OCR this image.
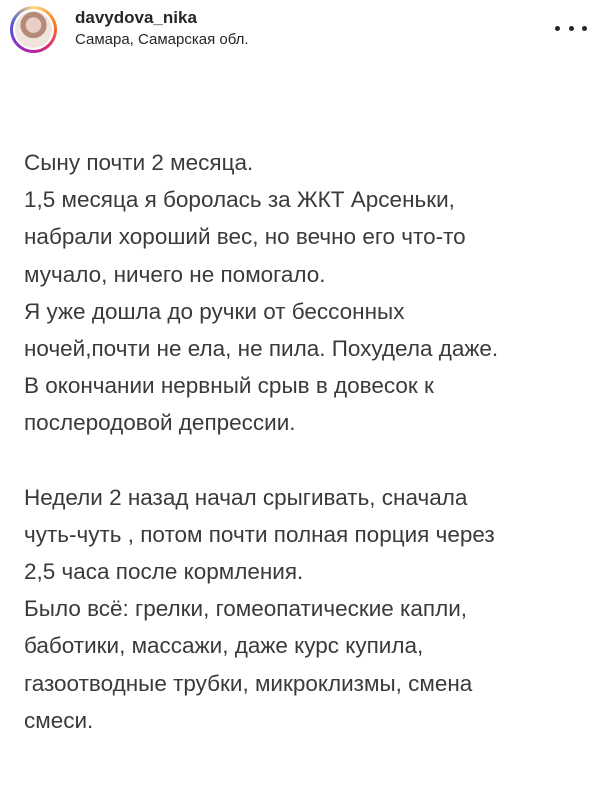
davydova_nika
Самара, Самарская обл.
Сыну почти 2 месяца.
1,5 месяца я боролась за ЖКТ Арсеньки,
набрали хороший вес, но вечно его что-то
мучало, ничего не помогало.
Я уже дошла до ручки от бессонных
ночей,почти не ела, не пила. Похудела даже.
В окончании нервный срыв в довесок к
послеродовой депрессии.
Недели 2 назад начал срыгивать, сначала
чуть-чуть , потом почти полная порция через
2,5 часа после кормления.
Было всё: грелки, гомеопатические капли,
баботики, массажи, даже курс купила,
газоотводные трубки, микроклизмы, смена
смеси.
